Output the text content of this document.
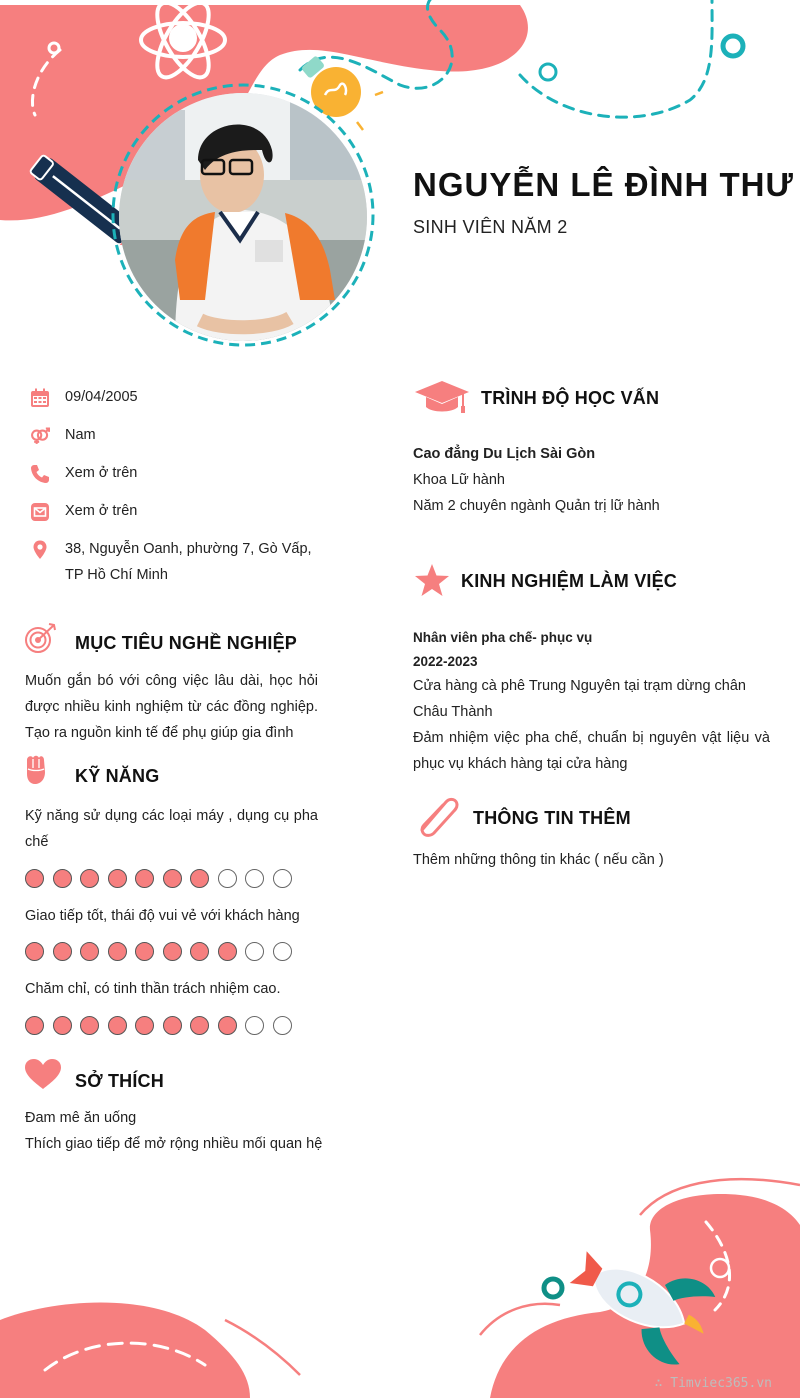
NGUYỄN LÊ ĐÌNH THƯ
SINH VIÊN NĂM 2
09/04/2005
Nam
Xem ở trên
Xem ở trên
38, Nguyễn Oanh, phường 7, Gò Vấp, TP Hồ Chí Minh
MỤC TIÊU NGHỀ NGHIỆP
Muốn gắn bó với công việc lâu dài, học hỏi được nhiều kinh nghiệm từ các đồng nghiệp. Tạo ra nguồn kinh tế để phụ giúp gia đình
KỸ NĂNG
Kỹ năng sử dụng các loại máy , dụng cụ pha chế
Giao tiếp tốt, thái độ vui vẻ với khách hàng
Chăm chỉ, có tinh thần trách nhiệm cao.
SỞ THÍCH
Đam mê ăn uống
Thích giao tiếp để mở rộng nhiều mối quan hệ
TRÌNH ĐỘ HỌC VẤN
Cao đẳng Du Lịch Sài Gòn
Khoa Lữ hành
Năm 2 chuyên ngành Quản trị lữ hành
KINH NGHIỆM LÀM VIỆC
Nhân viên pha chế- phục vụ
2022-2023
Cửa hàng cà phê Trung Nguyên tại trạm dừng chân Châu Thành
Đảm nhiệm việc pha chế, chuẩn bị nguyên vật liệu và phục vụ khách hàng tại cửa hàng
THÔNG TIN THÊM
Thêm những thông tin khác ( nếu cần )
∴ Timviec365.vn
